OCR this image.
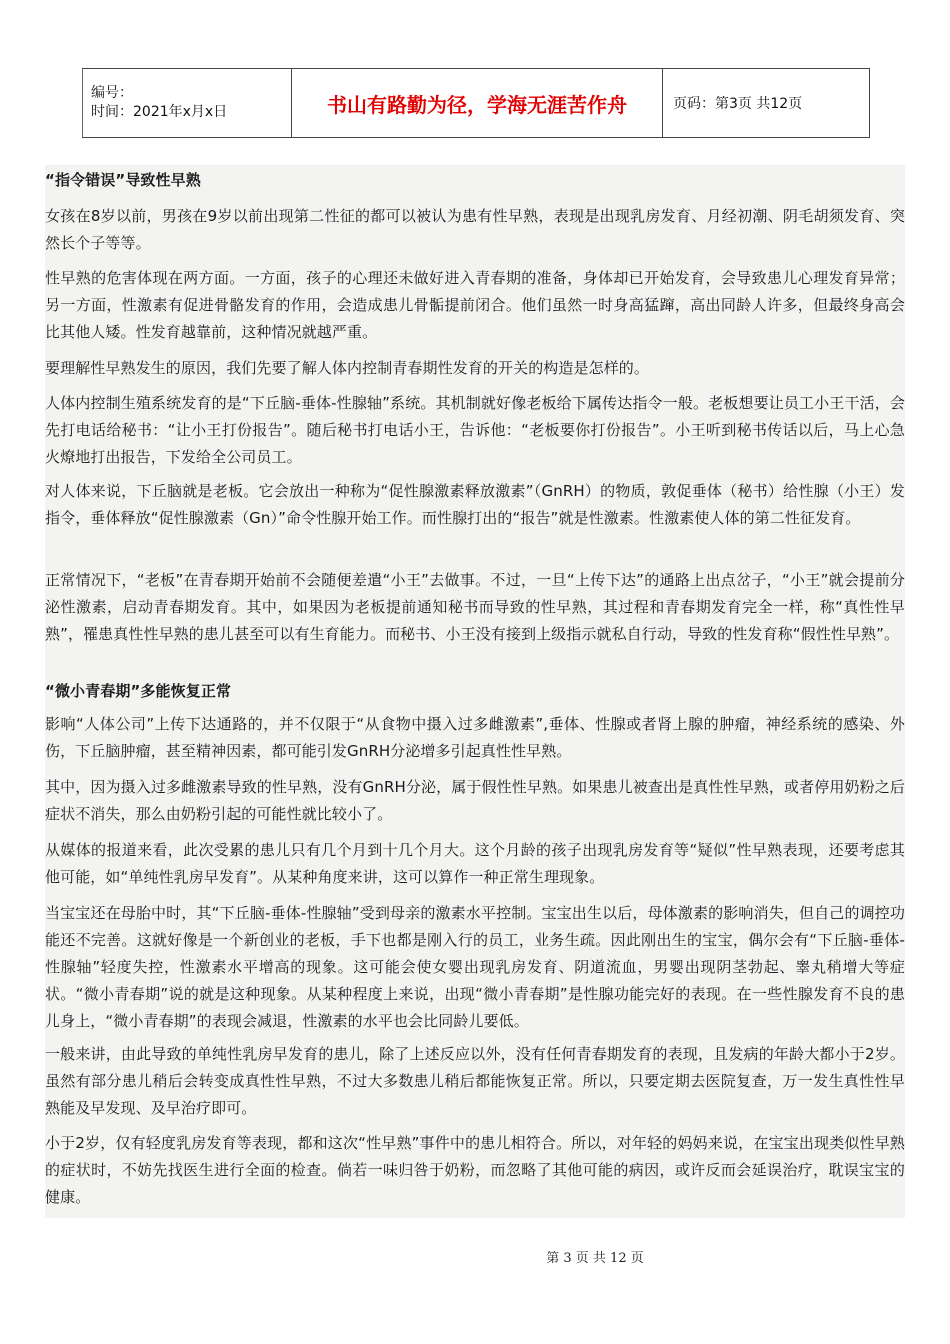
编号：
时间：2021年x月x日	书山有路勤为径，学海无涯苦作舟	页码：第3页 共12页

“指令错误”导致性早熟

女孩在8岁以前，男孩在9岁以前出现第二性征的都可以被认为患有性早熟，表现是出现乳房发育、月经初潮、阴毛胡须发育、突然长个子等等。

性早熟的危害体现在两方面。一方面，孩子的心理还未做好进入青春期的准备，身体却已开始发育，会导致患儿心理发育异常；另一方面，性激素有促进骨骼发育的作用，会造成患儿骨骺提前闭合。他们虽然一时身高猛蹿，高出同龄人许多，但最终身高会比其他人矮。性发育越靠前，这种情况就越严重。

要理解性早熟发生的原因，我们先要了解人体内控制青春期性发育的开关的构造是怎样的。

人体内控制生殖系统发育的是“下丘脑-垂体-性腺轴”系统。其机制就好像老板给下属传达指令一般。老板想要让员工小王干活，会先打电话给秘书：“让小王打份报告”。随后秘书打电话小王，告诉他：“老板要你打份报告”。小王听到秘书传话以后，马上心急火燎地打出报告，下发给全公司员工。

对人体来说，下丘脑就是老板。它会放出一种称为“促性腺激素释放激素”（GnRH）的物质，敦促垂体（秘书）给性腺（小王）发指令，垂体释放“促性腺激素（Gn）”命令性腺开始工作。而性腺打出的“报告”就是性激素。性激素使人体的第二性征发育。

正常情况下，“老板”在青春期开始前不会随便差遣“小王”去做事。不过，一旦“上传下达”的通路上出点岔子，“小王”就会提前分泌性激素，启动青春期发育。其中，如果因为老板提前通知秘书而导致的性早熟，其过程和青春期发育完全一样，称“真性性早熟”，罹患真性性早熟的患儿甚至可以有生育能力。而秘书、小王没有接到上级指示就私自行动，导致的性发育称“假性性早熟”。

“微小青春期”多能恢复正常

影响“人体公司”上传下达通路的，并不仅限于“从食物中摄入过多雌激素”,垂体、性腺或者肾上腺的肿瘤，神经系统的感染、外伤，下丘脑肿瘤，甚至精神因素，都可能引发GnRH分泌增多引起真性性早熟。

其中，因为摄入过多雌激素导致的性早熟，没有GnRH分泌，属于假性性早熟。如果患儿被查出是真性性早熟，或者停用奶粉之后症状不消失，那么由奶粉引起的可能性就比较小了。

从媒体的报道来看，此次受累的患儿只有几个月到十几个月大。这个月龄的孩子出现乳房发育等“疑似”性早熟表现，还要考虑其他可能，如“单纯性乳房早发育”。从某种角度来讲，这可以算作一种正常生理现象。

当宝宝还在母胎中时，其“下丘脑-垂体-性腺轴”受到母亲的激素水平控制。宝宝出生以后，母体激素的影响消失，但自己的调控功能还不完善。这就好像是一个新创业的老板，手下也都是刚入行的员工，业务生疏。因此刚出生的宝宝，偶尔会有“下丘脑-垂体-性腺轴”轻度失控，性激素水平增高的现象。这可能会使女婴出现乳房发育、阴道流血，男婴出现阴茎勃起、睾丸稍增大等症状。“微小青春期”说的就是这种现象。从某种程度上来说，出现“微小青春期”是性腺功能完好的表现。在一些性腺发育不良的患儿身上，“微小青春期”的表现会减退，性激素的水平也会比同龄儿要低。

一般来讲，由此导致的单纯性乳房早发育的患儿，除了上述反应以外，没有任何青春期发育的表现，且发病的年龄大都小于2岁。虽然有部分患儿稍后会转变成真性性早熟，不过大多数患儿稍后都能恢复正常。所以，只要定期去医院复查，万一发生真性性早熟能及早发现、及早治疗即可。

小于2岁，仅有轻度乳房发育等表现，都和这次“性早熟”事件中的患儿相符合。所以，对年轻的妈妈来说，在宝宝出现类似性早熟的症状时，不妨先找医生进行全面的检查。倘若一味归咎于奶粉，而忽略了其他可能的病因，或许反而会延误治疗，耽误宝宝的健康。

第 3 页 共 12 页
